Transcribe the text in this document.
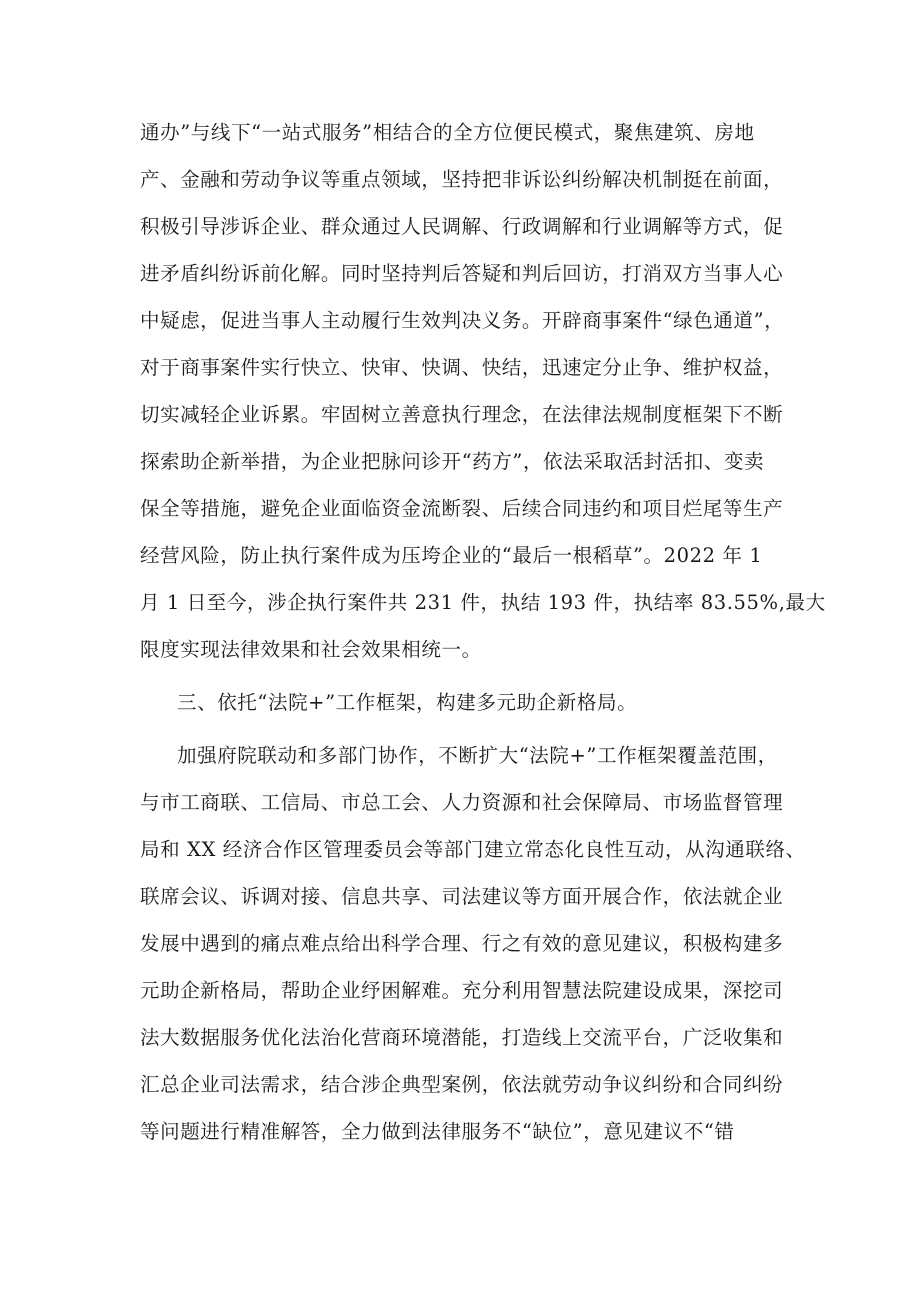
通办”与线下“一站式服务”相结合的全方位便民模式，聚焦建筑、房地
产、金融和劳动争议等重点领域，坚持把非诉讼纠纷解决机制挺在前面，
积极引导涉诉企业、群众通过人民调解、行政调解和行业调解等方式，促
进矛盾纠纷诉前化解。同时坚持判后答疑和判后回访，打消双方当事人心
中疑虑，促进当事人主动履行生效判决义务。开辟商事案件“绿色通道”，
对于商事案件实行快立、快审、快调、快结，迅速定分止争、维护权益，
切实减轻企业诉累。牢固树立善意执行理念，在法律法规制度框架下不断
探索助企新举措，为企业把脉问诊开“药方”，依法采取活封活扣、变卖
保全等措施，避免企业面临资金流断裂、后续合同违约和项目烂尾等生产
经营风险，防止执行案件成为压垮企业的“最后一根稻草”。2022 年 1
月 1 日至今，涉企执行案件共 231 件，执结 193 件，执结率 83.55%,最大
限度实现法律效果和社会效果相统一。
三、依托“法院+”工作框架，构建多元助企新格局。
加强府院联动和多部门协作，不断扩大“法院+”工作框架覆盖范围，
与市工商联、工信局、市总工会、人力资源和社会保障局、市场监督管理
局和 XX 经济合作区管理委员会等部门建立常态化良性互动，从沟通联络、
联席会议、诉调对接、信息共享、司法建议等方面开展合作，依法就企业
发展中遇到的痛点难点给出科学合理、行之有效的意见建议，积极构建多
元助企新格局，帮助企业纾困解难。充分利用智慧法院建设成果，深挖司
法大数据服务优化法治化营商环境潜能，打造线上交流平台，广泛收集和
汇总企业司法需求，结合涉企典型案例，依法就劳动争议纠纷和合同纠纷
等问题进行精准解答，全力做到法律服务不“缺位”，意见建议不“错
